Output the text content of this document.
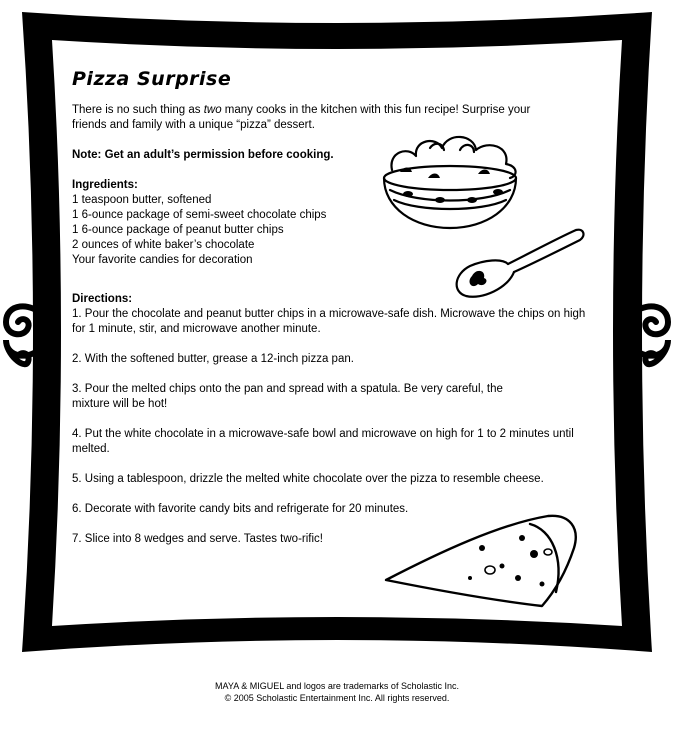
Pizza Surprise

There is no such thing as two many cooks in the kitchen with this fun recipe! Surprise your friends and family with a unique “pizza” dessert.

Note: Get an adult’s permission before cooking.

Ingredients:

1 teaspoon butter, softened

1 6-ounce package of semi-sweet chocolate chips

1 6-ounce package of peanut butter chips

2 ounces of white baker’s chocolate

Your favorite candies for decoration

Directions:

1. Pour the chocolate and peanut butter chips in a microwave-safe dish. Microwave the chips on high for 1 minute, stir, and microwave another minute.

2. With the softened butter, grease a 12-inch pizza pan.

3. Pour the melted chips onto the pan and spread with a spatula. Be very careful, the mixture will be hot!

4. Put the white chocolate in a microwave-safe bowl and microwave on high for 1 to 2 minutes until melted.

5. Using a tablespoon, drizzle the melted white chocolate over the pizza to resemble cheese.

6. Decorate with favorite candy bits and refrigerate for 20 minutes.

7. Slice into 8 wedges and serve. Tastes two-rific!

MAYA & MIGUEL and logos are trademarks of Scholastic Inc.
© 2005 Scholastic Entertainment Inc. All rights reserved.
